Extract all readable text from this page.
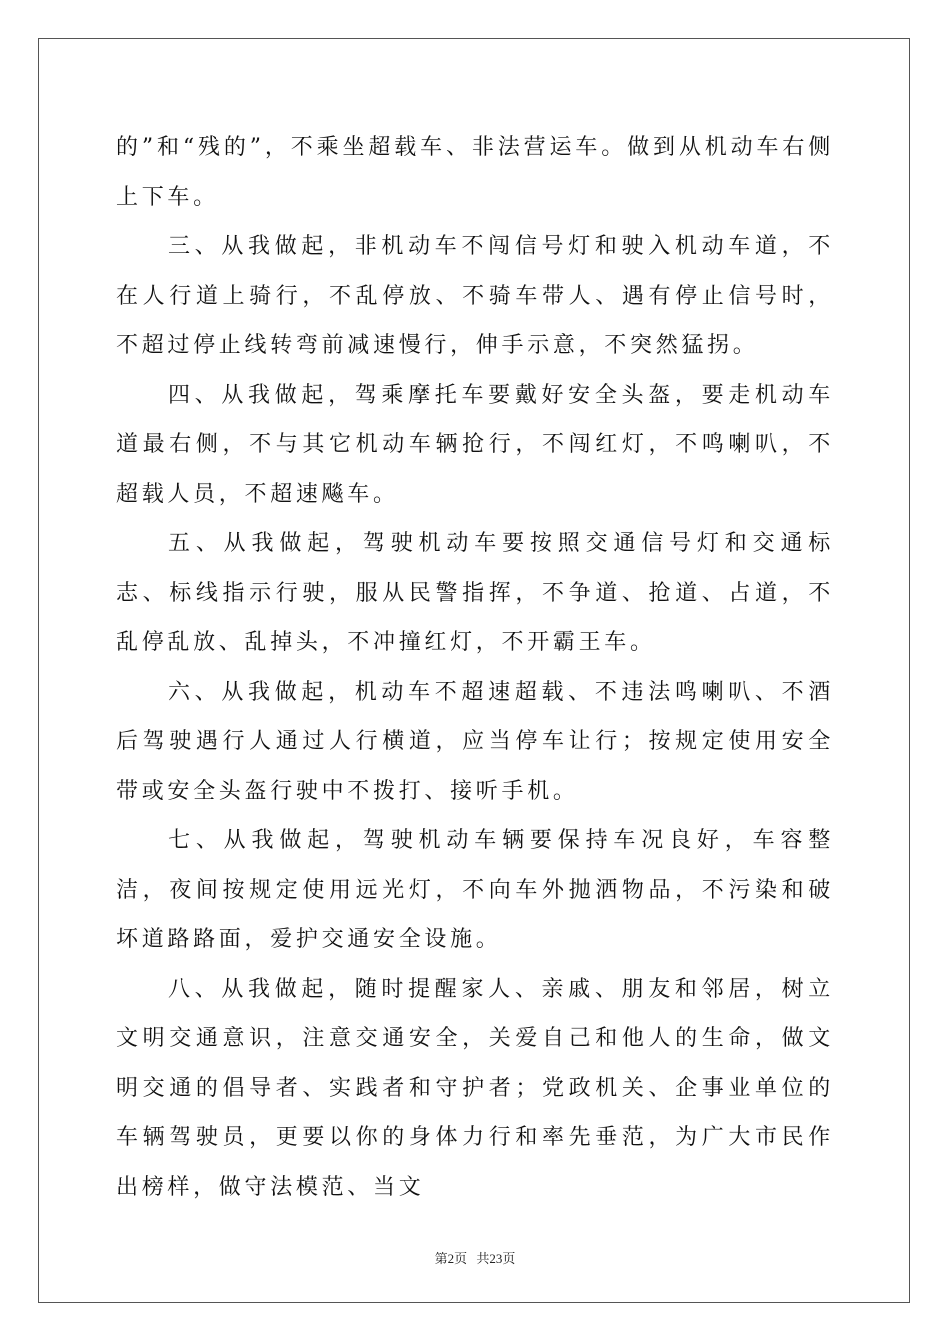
的”和“残的”，不乘坐超载车、非法营运车。做到从机动车右侧上下车。

三、从我做起，非机动车不闯信号灯和驶入机动车道，不在人行道上骑行，不乱停放、不骑车带人、遇有停止信号时，不超过停止线转弯前减速慢行，伸手示意，不突然猛拐。

四、从我做起，驾乘摩托车要戴好安全头盔，要走机动车道最右侧，不与其它机动车辆抢行，不闯红灯，不鸣喇叭，不超载人员，不超速飚车。

五、从我做起，驾驶机动车要按照交通信号灯和交通标志、标线指示行驶，服从民警指挥，不争道、抢道、占道，不乱停乱放、乱掉头，不冲撞红灯，不开霸王车。

六、从我做起，机动车不超速超载、不违法鸣喇叭、不酒后驾驶遇行人通过人行横道，应当停车让行；按规定使用安全带或安全头盔行驶中不拨打、接听手机。

七、从我做起，驾驶机动车辆要保持车况良好，车容整洁，夜间按规定使用远光灯，不向车外抛洒物品，不污染和破坏道路路面，爱护交通安全设施。

八、从我做起，随时提醒家人、亲戚、朋友和邻居，树立文明交通意识，注意交通安全，关爱自己和他人的生命，做文明交通的倡导者、实践者和守护者；党政机关、企事业单位的车辆驾驶员，更要以你的身体力行和率先垂范，为广大市民作出榜样，做守法模范、当文

第2页 共23页
